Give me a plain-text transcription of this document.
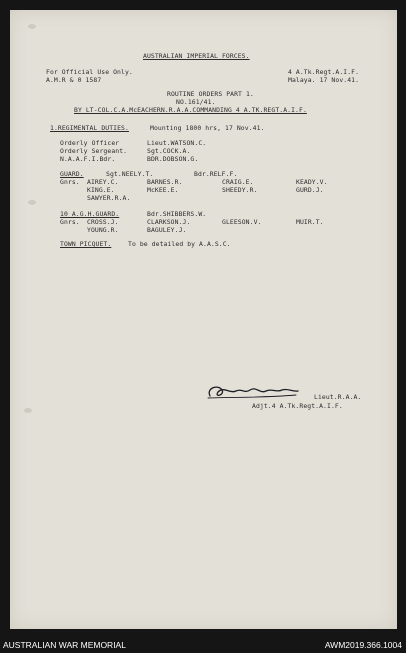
AUSTRALIAN IMPERIAL FORCES.
For Official Use Only.
A.M.R & 0 1587
4 A.Tk.Regt.A.I.F.
Malaya. 17 Nov.41.
ROUTINE ORDERS PART 1.
NO.161/41.
BY LT-COL.C.A.McEACHERN.R.A.A.COMMANDING 4 A.TK.REGT.A.I.F.
1.REGIMENTAL DUTIES.	Mounting 1800 hrs, 17 Nov.41.
Orderly Officer	Lieut.WATSON.C.
Orderly Sergeant.	Sgt.COCK.A.
N.A.A.F.I.Bdr.	BDR.DOBSON.G.
GUARD.	Sgt.NEELY.T.	Bdr.RELF.F.
Gnrs. AIREY.C.	BARNES.R.	CRAIG.E.	KEADY.V.
KING.E.	McKEE.E.	SHEEDY.R.	GURD.J.
SAWYER.R.A.
10 A.G.H.GUARD.	Bdr.SHIBBERS.W.
Gnrs. CROSS.J.	CLARKSON.J.	GLEESON.V.	MUIR.T.
YOUNG.R.	BAGULEY.J.
TOWN PICQUET.	To be detailed by A.A.S.C.
Lieut.R.A.A.
Adjt.4 A.Tk.Regt.A.I.F.
AUSTRALIAN WAR MEMORIAL	AWM2019.366.1004
